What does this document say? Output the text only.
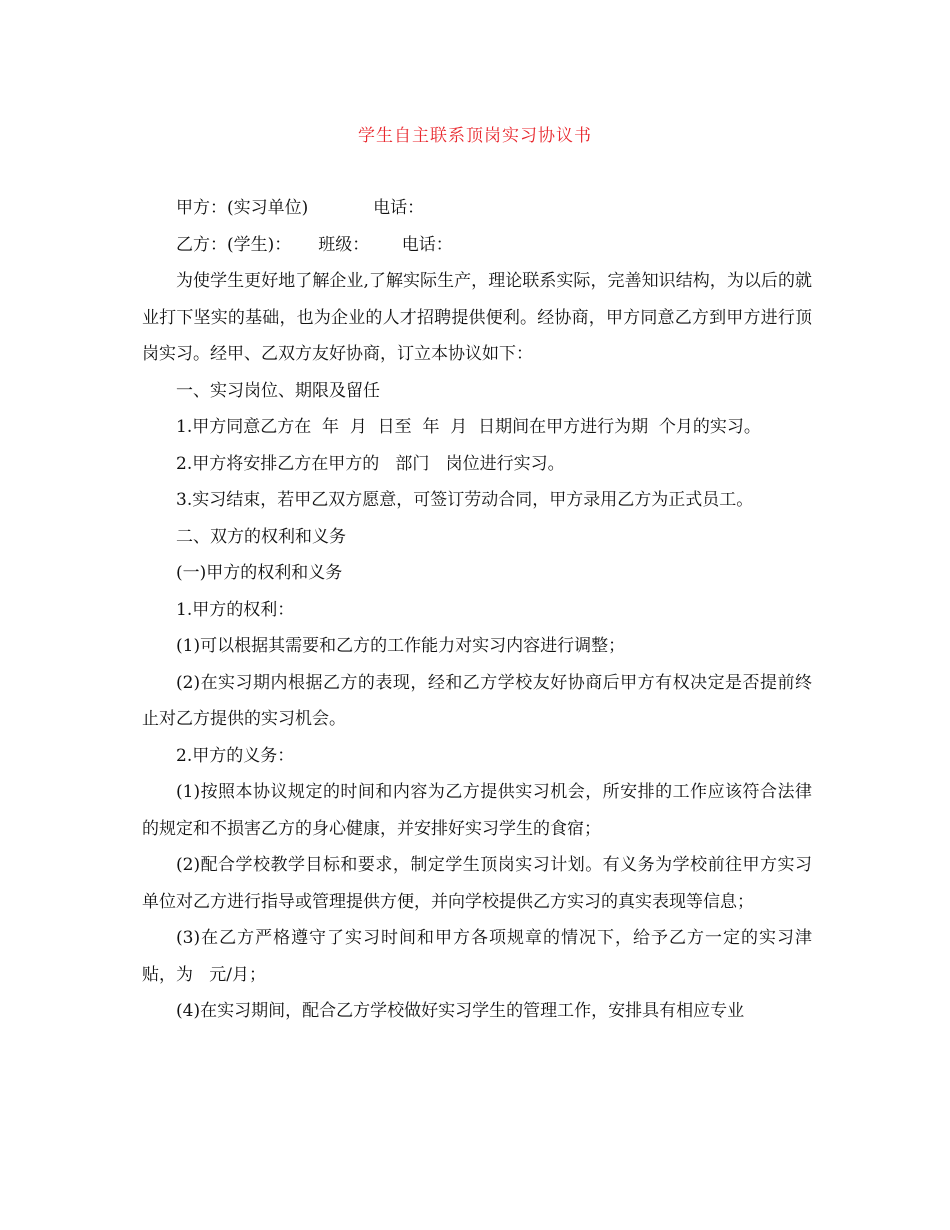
学生自主联系顶岗实习协议书

甲方：(实习单位)            电话：

乙方：(学生)：     班级：      电话：

为使学生更好地了解企业,了解实际生产，理论联系实际，完善知识结构，为以后的就业打下坚实的基础，也为企业的人才招聘提供便利。经协商，甲方同意乙方到甲方进行顶岗实习。经甲、乙双方友好协商，订立本协议如下：

一、实习岗位、期限及留任

1.甲方同意乙方在  年  月  日至  年  月  日期间在甲方进行为期  个月的实习。

2.甲方将安排乙方在甲方的   部门   岗位进行实习。

3.实习结束，若甲乙双方愿意，可签订劳动合同，甲方录用乙方为正式员工。

二、双方的权利和义务

(一)甲方的权利和义务

1.甲方的权利：

(1)可以根据其需要和乙方的工作能力对实习内容进行调整；

(2)在实习期内根据乙方的表现，经和乙方学校友好协商后甲方有权决定是否提前终止对乙方提供的实习机会。

2.甲方的义务：

(1)按照本协议规定的时间和内容为乙方提供实习机会，所安排的工作应该符合法律的规定和不损害乙方的身心健康，并安排好实习学生的食宿；

(2)配合学校教学目标和要求，制定学生顶岗实习计划。有义务为学校前往甲方实习单位对乙方进行指导或管理提供方便，并向学校提供乙方实习的真实表现等信息；

(3)在乙方严格遵守了实习时间和甲方各项规章的情况下，给予乙方一定的实习津贴，为   元/月；

(4)在实习期间，配合乙方学校做好实习学生的管理工作，安排具有相应专业
